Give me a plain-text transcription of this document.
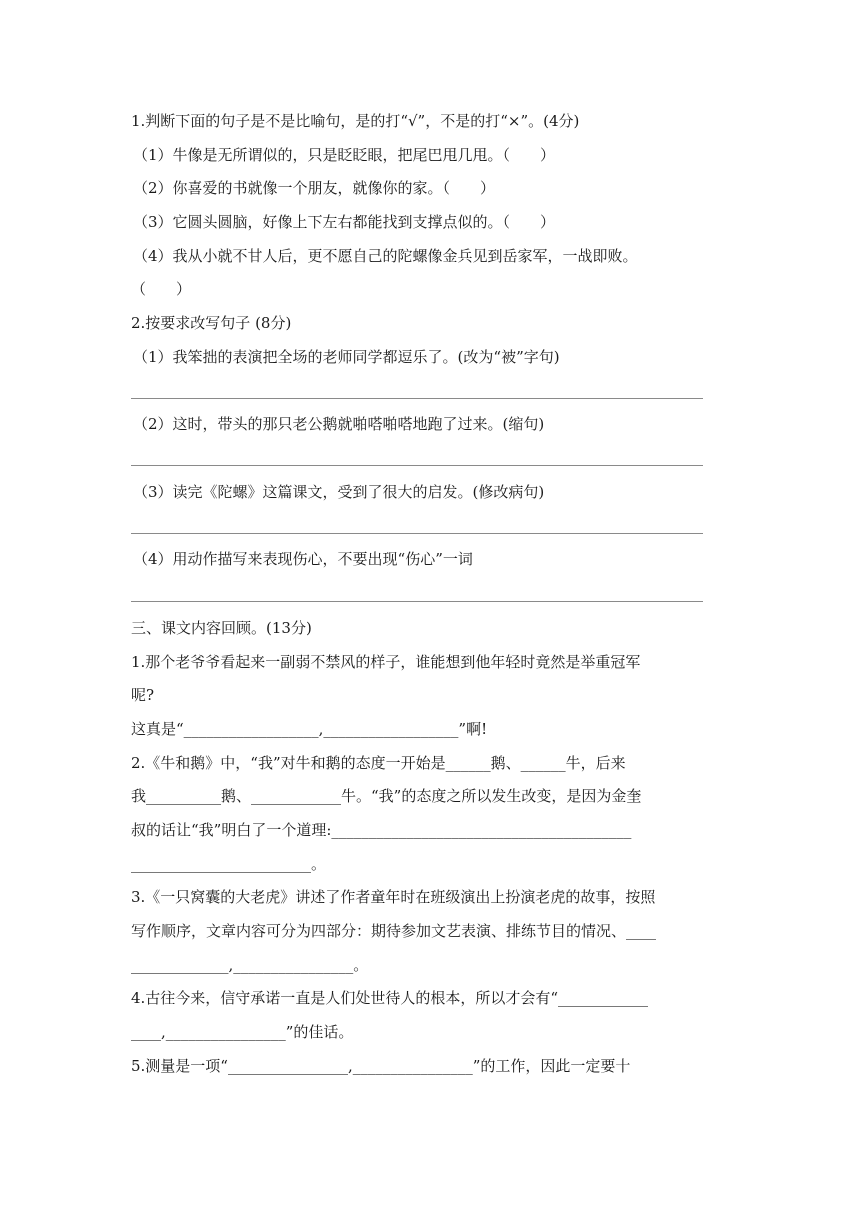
1.判断下面的句子是不是比喻句，是的打“√”，不是的打“×”。(4分)
（1）牛像是无所谓似的，只是眨眨眼，把尾巴甩几甩。（　　）
（2）你喜爱的书就像一个朋友，就像你的家。（　　）
（3）它圆头圆脑，好像上下左右都能找到支撑点似的。（　　）
（4）我从小就不甘人后，更不愿自己的陀螺像金兵见到岳家军，一战即败。
（　　）
2.按要求改写句子 (8分)
（1）我笨拙的表演把全场的老师同学都逗乐了。(改为“被”字句)
（2）这时，带头的那只老公鹅就啪嗒啪嗒地跑了过来。(缩句)
（3）读完《陀螺》这篇课文，受到了很大的启发。(修改病句)
（4）用动作描写来表现伤心，不要出现“伤心”一词
三、课文内容回顾。(13分)
1.那个老爷爷看起来一副弱不禁风的样子，谁能想到他年轻时竟然是举重冠军
呢?
这真是“__________________,__________________”啊!
2.《牛和鹅》中，“我”对牛和鹅的态度一开始是______鹅、______牛，后来
我__________鹅、____________牛。“我”的态度之所以发生改变，是因为金奎
叔的话让“我”明白了一个道理:________________________________________
________________________。
3.《一只窝囊的大老虎》讲述了作者童年时在班级演出上扮演老虎的故事，按照
写作顺序，文章内容可分为四部分：期待参加文艺表演、排练节目的情况、____
_____________,________________。
4.古往今来，信守承诺一直是人们处世待人的根本，所以才会有“____________
____,________________”的佳话。
5.测量是一项“________________,________________”的工作，因此一定要十
